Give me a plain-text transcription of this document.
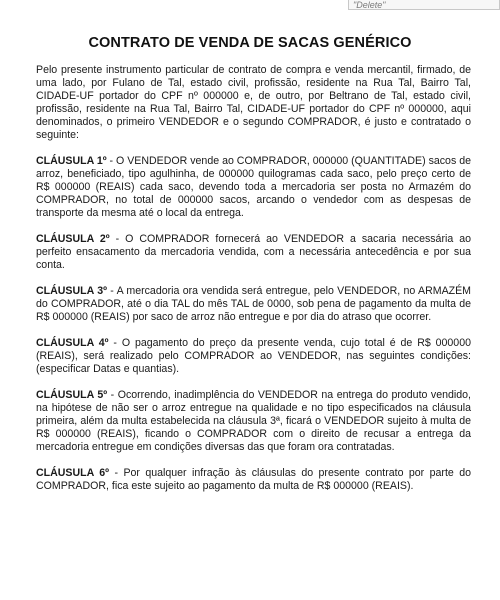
"Delete"
CONTRATO DE VENDA DE SACAS GENÉRICO

Pelo presente instrumento particular de contrato de compra e venda mercantil, firmado, de uma lado, por Fulano de Tal, estado civil, profissão, residente na Rua Tal, Bairro Tal, CIDADE-UF portador do CPF nº 000000 e, de outro, por Beltrano de Tal, estado civil, profissão, residente na Rua Tal, Bairro Tal, CIDADE-UF portador do CPF nº 000000, aqui denominados, o primeiro VENDEDOR e o segundo COMPRADOR, é justo e contratado o seguinte:

CLÁUSULA 1º - O VENDEDOR vende ao COMPRADOR, 000000 (QUANTITADE) sacos de arroz, beneficiado, tipo agulhinha, de 000000 quilogramas cada saco, pelo preço certo de R$ 000000 (REAIS) cada saco, devendo toda a mercadoria ser posta no Armazém do COMPRADOR, no total de 000000 sacos, arcando o vendedor com as despesas de transporte da mesma até o local da entrega.

CLÁUSULA 2º - O COMPRADOR fornecerá ao VENDEDOR a sacaria necessária ao perfeito ensacamento da mercadoria vendida, com a necessária antecedência e por sua conta.

CLÁUSULA 3º - A mercadoria ora vendida será entregue, pelo VENDEDOR, no ARMAZÉM do COMPRADOR, até o dia TAL do mês TAL de 0000, sob pena de pagamento da multa de R$ 000000 (REAIS) por saco de arroz não entregue e por dia do atraso que ocorrer.

CLÁUSULA 4º - O pagamento do preço da presente venda, cujo total é de R$ 000000 (REAIS), será realizado pelo COMPRADOR ao VENDEDOR, nas seguintes condições: (especificar Datas e quantias).

CLÁUSULA 5º - Ocorrendo, inadimplência do VENDEDOR na entrega do produto vendido, na hipótese de não ser o arroz entregue na qualidade e no tipo especificados na cláusula primeira, além da multa estabelecida na cláusula 3ª, ficará o VENDEDOR sujeito à multa de R$ 000000 (REAIS), ficando o COMPRADOR com o direito de recusar a entrega da mercadoria entregue em condições diversas das que foram ora contratadas.

CLÁUSULA 6º - Por qualquer infração às cláusulas do presente contrato por parte do COMPRADOR, fica este sujeito ao pagamento da multa de R$ 000000 (REAIS).
